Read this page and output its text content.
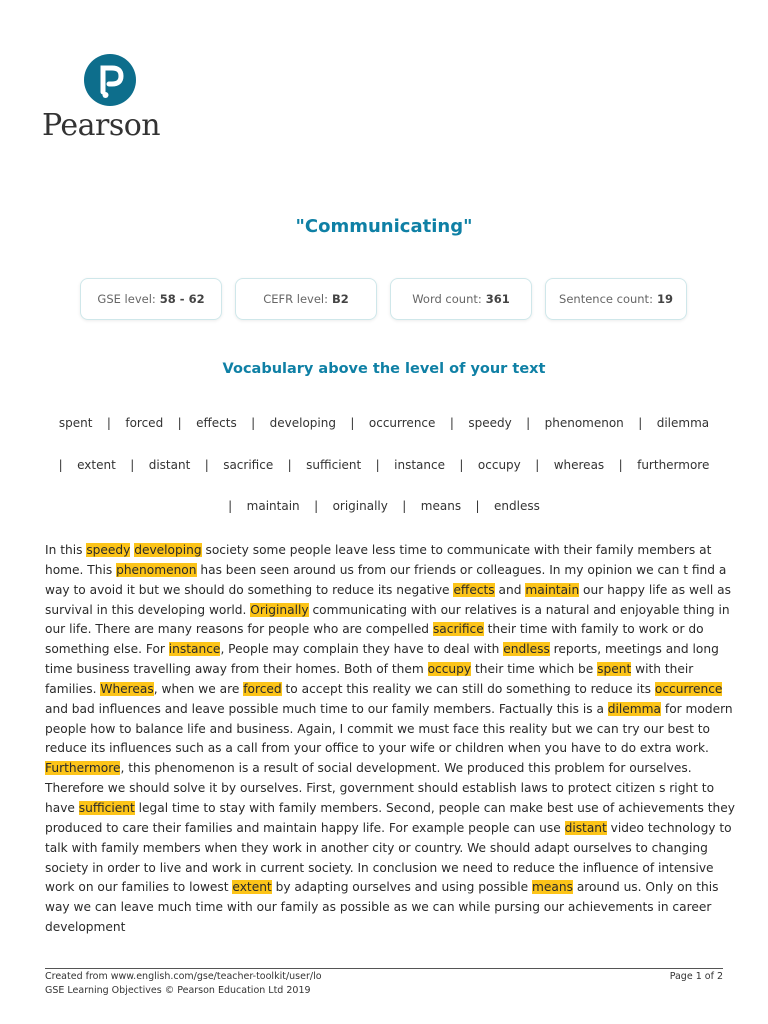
Pearson
"Communicating"
GSE level: 58 - 62	CEFR level: B2	Word count: 361	Sentence count: 19
Vocabulary above the level of your text
spent   |   forced   |   effects   |   developing   |   occurrence   |   speedy   |   phenomenon   |   dilemma
|   extent   |   distant   |   sacrifice   |   sufficient   |   instance   |   occupy   |   whereas   |   furthermore
|   maintain   |   originally   |   means   |   endless
In this speedy developing society some people leave less time to communicate with their family members at
home. This phenomenon has been seen around us from our friends or colleagues. In my opinion we can t find a
way to avoid it but we should do something to reduce its negative effects and maintain our happy life as well as
survival in this developing world. Originally communicating with our relatives is a natural and enjoyable thing in
our life. There are many reasons for people who are compelled sacrifice their time with family to work or do
something else. For instance, People may complain they have to deal with endless reports, meetings and long
time business travelling away from their homes. Both of them occupy their time which be spent with their
families. Whereas, when we are forced to accept this reality we can still do something to reduce its occurrence
and bad influences and leave possible much time to our family members. Factually this is a dilemma for modern
people how to balance life and business. Again, I commit we must face this reality but we can try our best to
reduce its influences such as a call from your office to your wife or children when you have to do extra work.
Furthermore, this phenomenon is a result of social development. We produced this problem for ourselves.
Therefore we should solve it by ourselves. First, government should establish laws to protect citizen s right to
have sufficient legal time to stay with family members. Second, people can make best use of achievements they
produced to care their families and maintain happy life. For example people can use distant video technology to
talk with family members when they work in another city or country. We should adapt ourselves to changing
society in order to live and work in current society. In conclusion we need to reduce the influence of intensive
work on our families to lowest extent by adapting ourselves and using possible means around us. Only on this
way we can leave much time with our family as possible as we can while pursing our achievements in career
development
Created from www.english.com/gse/teacher-toolkit/user/lo
GSE Learning Objectives © Pearson Education Ltd 2019
Page 1 of 2
